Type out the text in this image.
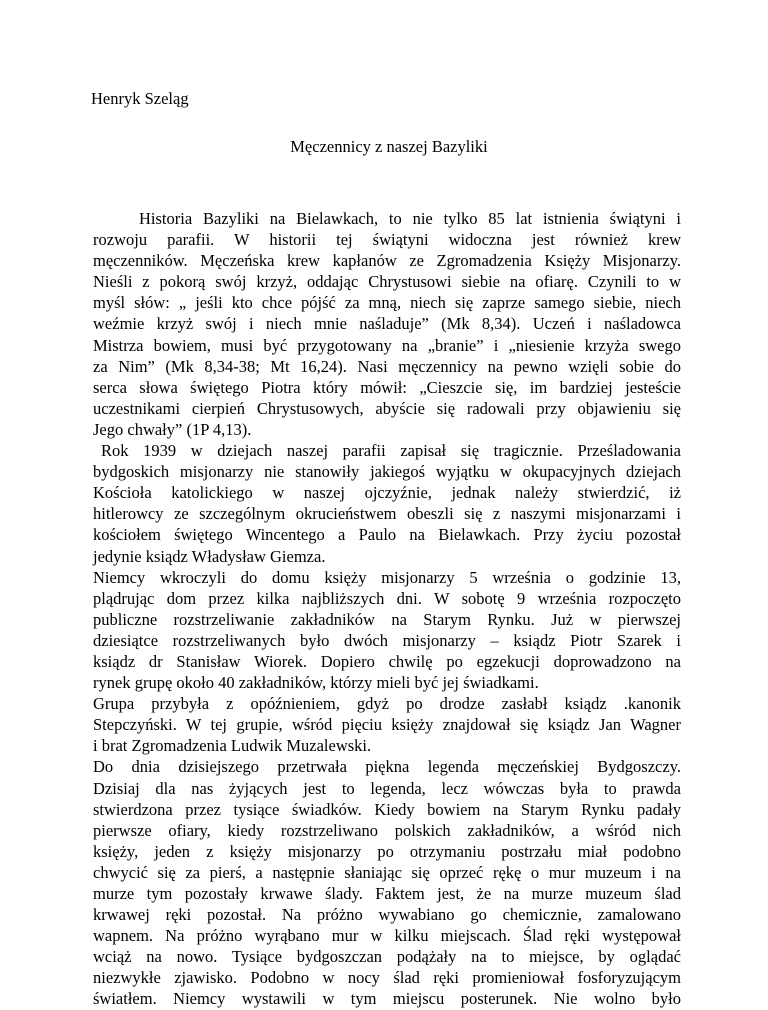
Henryk Szeląg
Męczennicy z naszej Bazyliki
Historia Bazyliki na Bielawkach, to nie tylko 85 lat istnienia świątyni i
rozwoju parafii. W historii tej świątyni widoczna jest również krew
męczenników. Męczeńska krew kapłanów ze Zgromadzenia Księży Misjonarzy.
Nieśli z pokorą swój krzyż, oddając Chrystusowi siebie na ofiarę. Czynili to w
myśl słów: „ jeśli kto chce pójść za mną, niech się zaprze samego siebie, niech
weźmie krzyż swój i niech mnie naśladuje” (Mk 8,34). Uczeń i naśladowca
Mistrza bowiem, musi być przygotowany na „branie” i „niesienie krzyża swego
za Nim” (Mk 8,34-38; Mt 16,24). Nasi męczennicy na pewno wzięli sobie do
serca słowa świętego Piotra który mówił: „Cieszcie się, im bardziej jesteście
uczestnikami cierpień Chrystusowych, abyście się radowali przy objawieniu się
Jego chwały” (1P 4,13).
Rok 1939 w dziejach naszej parafii zapisał się tragicznie. Prześladowania
bydgoskich misjonarzy nie stanowiły jakiegoś wyjątku w okupacyjnych dziejach
Kościoła katolickiego w naszej ojczyźnie, jednak należy stwierdzić, iż
hitlerowcy ze szczególnym okrucieństwem obeszli się z naszymi misjonarzami i
kościołem świętego Wincentego a Paulo na Bielawkach. Przy życiu pozostał
jedynie ksiądz Władysław Giemza.
Niemcy wkroczyli do domu księży misjonarzy 5 września o godzinie 13,
plądrując dom przez kilka najbliższych dni. W sobotę 9 września rozpoczęto
publiczne rozstrzeliwanie zakładników na Starym Rynku. Już w pierwszej
dziesiątce rozstrzeliwanych było dwóch misjonarzy – ksiądz Piotr Szarek i
ksiądz dr Stanisław Wiorek. Dopiero chwilę po egzekucji doprowadzono na
rynek grupę około 40 zakładników, którzy mieli być jej świadkami.
Grupa przybyła z opóźnieniem, gdyż po drodze zasłabł ksiądz .kanonik
Stepczyński. W tej grupie, wśród pięciu księży znajdował się ksiądz Jan Wagner
i brat Zgromadzenia Ludwik Muzalewski.
Do dnia dzisiejszego przetrwała piękna legenda męczeńskiej Bydgoszczy.
Dzisiaj dla nas żyjących jest to legenda, lecz wówczas była to prawda
stwierdzona przez tysiące świadków. Kiedy bowiem na Starym Rynku padały
pierwsze ofiary, kiedy rozstrzeliwano polskich zakładników, a wśród nich
księży, jeden z księży misjonarzy po otrzymaniu postrzału miał podobno
chwycić się za pierś, a następnie słaniając się oprzeć rękę o mur muzeum i na
murze tym pozostały krwawe ślady. Faktem jest, że na murze muzeum ślad
krwawej ręki pozostał. Na próżno wywabiano go chemicznie, zamalowano
wapnem. Na próżno wyrąbano mur w kilku miejscach. Ślad ręki występował
wciąż na nowo. Tysiące bydgoszczan podążały na to miejsce, by oglądać
niezwykłe zjawisko. Podobno w nocy ślad ręki promieniował fosforyzującym
światłem. Niemcy wystawili w tym miejscu posterunek. Nie wolno było
